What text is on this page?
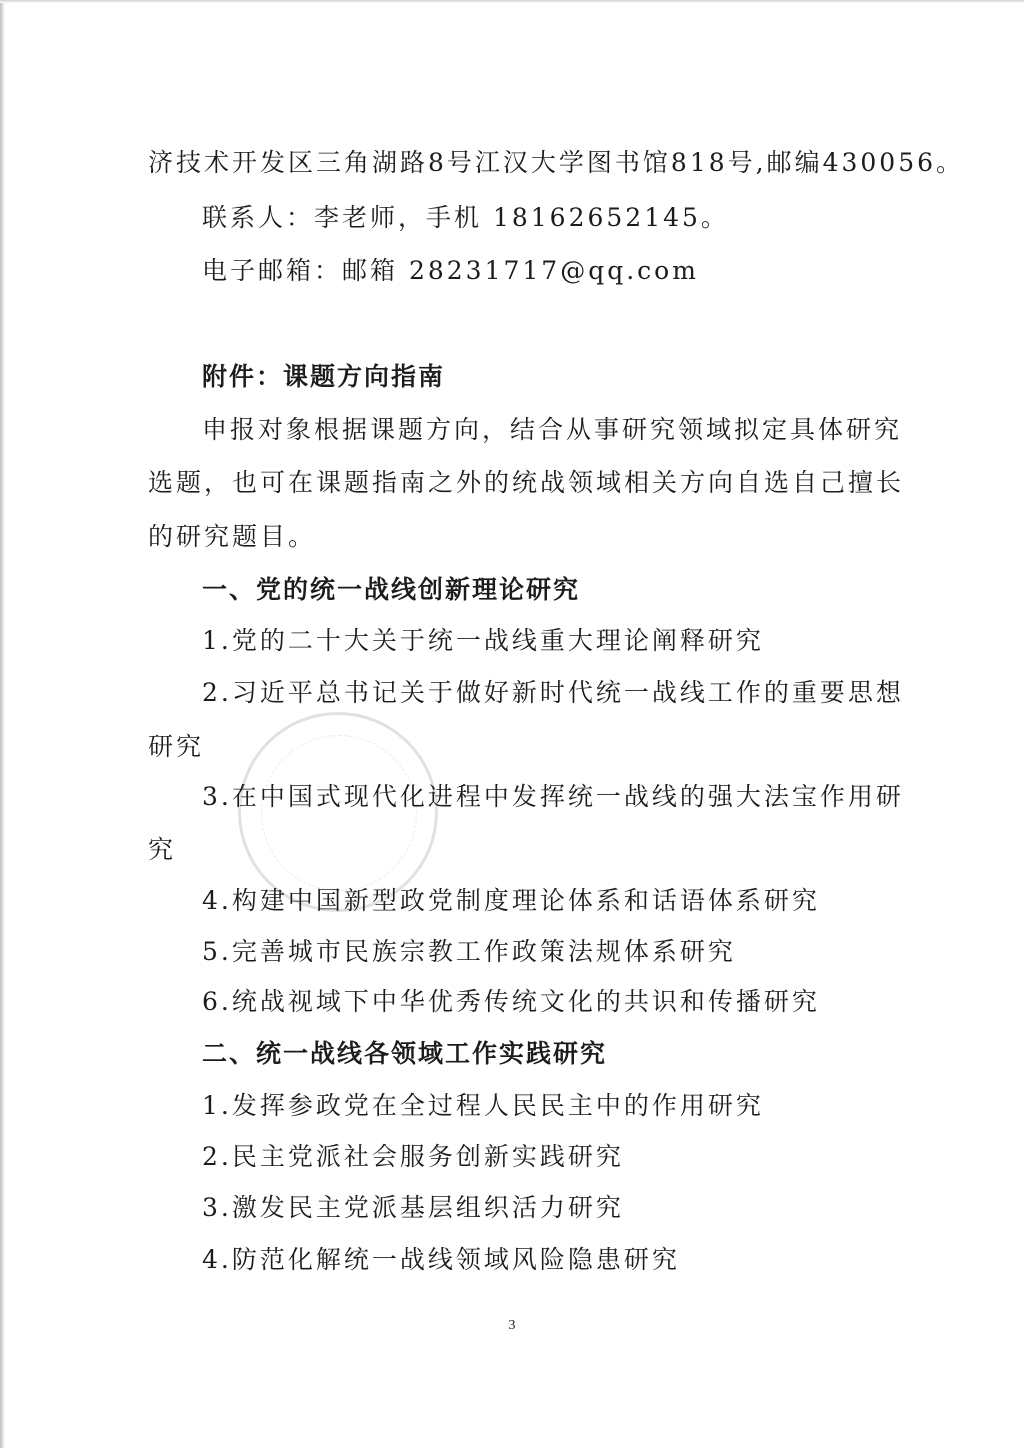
济技术开发区三角湖路8号江汉大学图书馆818号,邮编430056。
联系人：李老师，手机 18162652145。
电子邮箱：邮箱 28231717@qq.com
附件：课题方向指南
申报对象根据课题方向，结合从事研究领域拟定具体研究
选题，也可在课题指南之外的统战领域相关方向自选自己擅长
的研究题目。
一、党的统一战线创新理论研究
1.党的二十大关于统一战线重大理论阐释研究
2.习近平总书记关于做好新时代统一战线工作的重要思想
研究
3.在中国式现代化进程中发挥统一战线的强大法宝作用研
究
4.构建中国新型政党制度理论体系和话语体系研究
5.完善城市民族宗教工作政策法规体系研究
6.统战视域下中华优秀传统文化的共识和传播研究
二、统一战线各领域工作实践研究
1.发挥参政党在全过程人民民主中的作用研究
2.民主党派社会服务创新实践研究
3.激发民主党派基层组织活力研究
4.防范化解统一战线领域风险隐患研究
3
